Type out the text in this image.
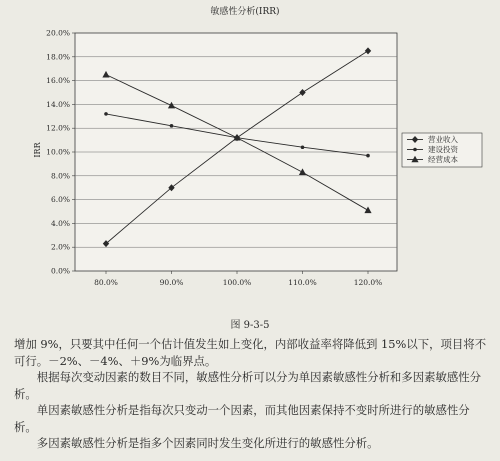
敏感性分析(IRR)
0.0%
2.0%
4.0%
6.0%
8.0%
10.0%
12.0%
14.0%
16.0%
18.0%
20.0%
80.0%	90.0%	100.0%	110.0%	120.0%
IRR
营业收入
建设投资
经营成本
图 9-3-5

增加 9%，只要其中任何一个估计值发生如上变化，内部收益率将降低到 15%以下，项目将不可行。－2%、－4%、＋9%为临界点。

根据每次变动因素的数目不同，敏感性分析可以分为单因素敏感性分析和多因素敏感性分析。

单因素敏感性分析是指每次只变动一个因素，而其他因素保持不变时所进行的敏感性分析。

多因素敏感性分析是指多个因素同时发生变化所进行的敏感性分析。
